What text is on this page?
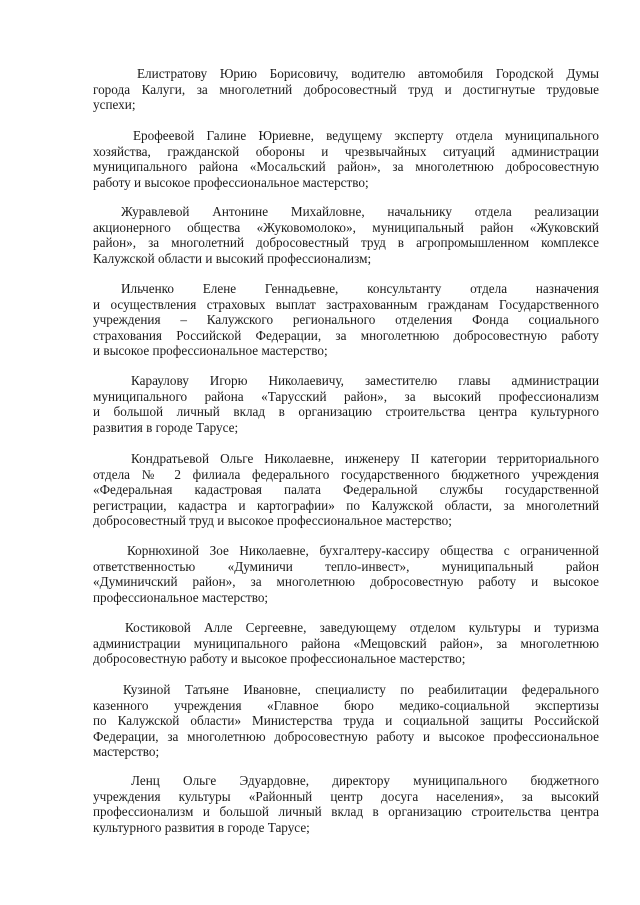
Елистратову Юрию Борисовичу, водителю автомобиля Городской Думы
города Калуги, за многолетний добросовестный труд и достигнутые трудовые
успехи;
Ерофеевой Галине Юриевне, ведущему эксперту отдела муниципального
хозяйства, гражданской обороны и чрезвычайных ситуаций администрации
муниципального района «Мосальский район», за многолетнюю добросовестную
работу и высокое профессиональное мастерство;
Журавлевой Антонине Михайловне, начальнику отдела реализации
акционерного общества «Жуковомолоко», муниципальный район «Жуковский
район», за многолетний добросовестный труд в агропромышленном комплексе
Калужской области и высокий профессионализм;
Ильченко Елене Геннадьевне, консультанту отдела назначения
и осуществления страховых выплат застрахованным гражданам Государственного
учреждения – Калужского регионального отделения Фонда социального
страхования Российской Федерации, за многолетнюю добросовестную работу
и высокое профессиональное мастерство;
Караулову Игорю Николаевичу, заместителю главы администрации
муниципального района «Тарусский район», за высокий профессионализм
и большой личный вклад в организацию строительства центра культурного
развития в городе Тарусе;
Кондратьевой Ольге Николаевне, инженеру II категории территориального
отдела № 2 филиала федерального государственного бюджетного учреждения
«Федеральная кадастровая палата Федеральной службы государственной
регистрации, кадастра и картографии» по Калужской области, за многолетний
добросовестный труд и высокое профессиональное мастерство;
Корнюхиной Зое Николаевне, бухгалтеру-кассиру общества с ограниченной
ответственностью «Думиничи тепло-инвест», муниципальный район
«Думиничский район», за многолетнюю добросовестную работу и высокое
профессиональное мастерство;
Костиковой Алле Сергеевне, заведующему отделом культуры и туризма
администрации муниципального района «Мещовский район», за многолетнюю
добросовестную работу и высокое профессиональное мастерство;
Кузиной Татьяне Ивановне, специалисту по реабилитации федерального
казенного учреждения «Главное бюро медико-социальной экспертизы
по Калужской области» Министерства труда и социальной защиты Российской
Федерации, за многолетнюю добросовестную работу и высокое профессиональное
мастерство;
Ленц Ольге Эдуардовне, директору муниципального бюджетного
учреждения культуры «Районный центр досуга населения», за высокий
профессионализм и большой личный вклад в организацию строительства центра
культурного развития в городе Тарусе;
